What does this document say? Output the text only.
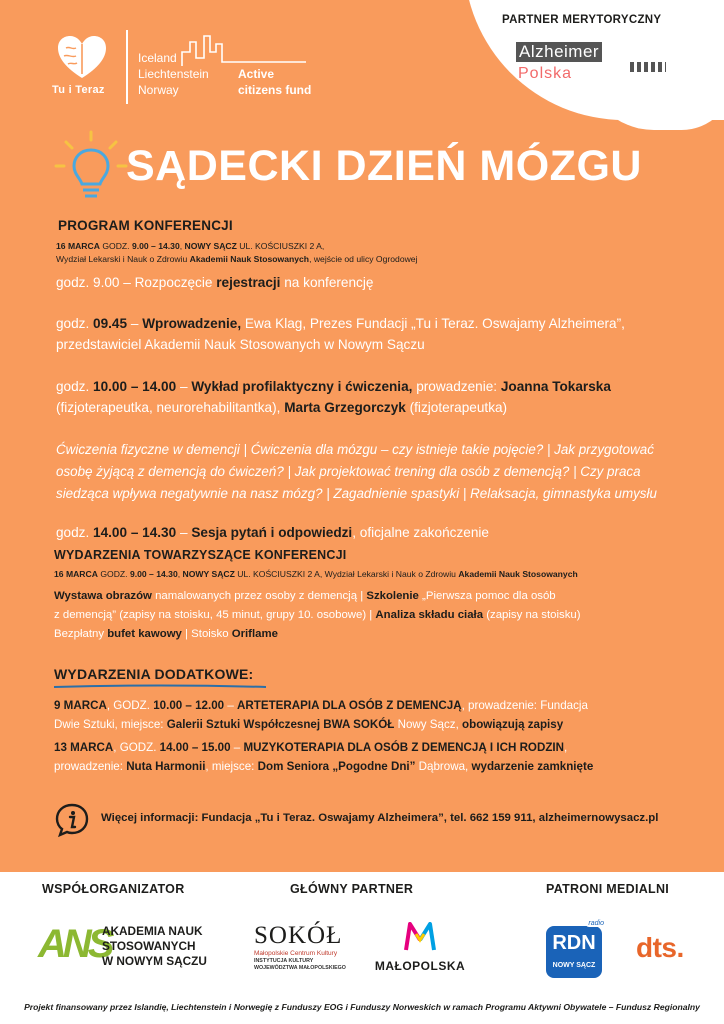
PARTNER MERYTORYCZNY
Alzheimer
Polska
Tu i Teraz
Iceland
Liechtenstein
Norway
Active
citizens fund
SĄDECKI DZIEŃ MÓZGU
PROGRAM KONFERENCJI
16 MARCA GODZ. 9.00 – 14.30, NOWY SĄCZ UL. KOŚCIUSZKI 2 A,
Wydział Lekarski i Nauk o Zdrowiu Akademii Nauk Stosowanych, wejście od ulicy Ogrodowej
godz. 9.00 – Rozpoczęcie rejestracji na konferencję
godz. 09.45 – Wprowadzenie, Ewa Klag, Prezes Fundacji „Tu i Teraz. Oswajamy Alzheimera”,
przedstawiciel Akademii Nauk Stosowanych w Nowym Sączu
godz. 10.00 – 14.00 – Wykład profilaktyczny i ćwiczenia, prowadzenie: Joanna Tokarska
(fizjoterapeutka, neurorehabilitantka), Marta Grzegorczyk (fizjoterapeutka)
Ćwiczenia fizyczne w demencji | Ćwiczenia dla mózgu – czy istnieje takie pojęcie? | Jak przygotować
osobę żyjącą z demencją do ćwiczeń? | Jak projektować trening dla osób z demencją? | Czy praca
siedząca wpływa negatywnie na nasz mózg? | Zagadnienie spastyki | Relaksacja, gimnastyka umysłu
godz. 14.00 – 14.30 – Sesja pytań i odpowiedzi, oficjalne zakończenie
WYDARZENIA TOWARZYSZĄCE KONFERENCJI
16 MARCA GODZ. 9.00 – 14.30, NOWY SĄCZ UL. KOŚCIUSZKI 2 A, Wydział Lekarski i Nauk o Zdrowiu Akademii Nauk Stosowanych
Wystawa obrazów namalowanych przez osoby z demencją | Szkolenie „Pierwsza pomoc dla osób
z demencją” (zapisy na stoisku, 45 minut, grupy 10. osobowe) | Analiza składu ciała (zapisy na stoisku)
Bezpłatny bufet kawowy | Stoisko Oriflame
WYDARZENIA DODATKOWE:
9 MARCA, GODZ. 10.00 – 12.00 – ARTETERAPIA DLA OSÓB Z DEMENCJĄ, prowadzenie: Fundacja
Dwie Sztuki, miejsce: Galerii Sztuki Współczesnej BWA SOKÓŁ Nowy Sącz, obowiązują zapisy
13 MARCA, GODZ. 14.00 – 15.00 – MUZYKOTERAPIA DLA OSÓB Z DEMENCJĄ I ICH RODZIN,
prowadzenie: Nuta Harmonii, miejsce: Dom Seniora „Pogodne Dni” Dąbrowa, wydarzenie zamknięte
Więcej informacji: Fundacja „Tu i Teraz. Oswajamy Alzheimera”, tel. 662 159 911, alzheimernowysacz.pl
WSPÓŁORGANIZATOR	GŁÓWNY PARTNER	PATRONI MEDIALNI
ANS
AKADEMIA NAUK
STOSOWANYCH
W NOWYM SĄCZU
SOKÓŁ
Małopolskie Centrum Kultury
INSTYTUCJA KULTURY
WOJEWÓDZTWA MAŁOPOLSKIEGO	MAŁOPOLSKA
radio
RDN
NOWY SĄCZ
dts.
Projekt finansowany przez Islandię, Liechtenstein i Norwegię z Funduszy EOG i Funduszy Norweskich w ramach Programu Aktywni Obywatele – Fundusz Regionalny
